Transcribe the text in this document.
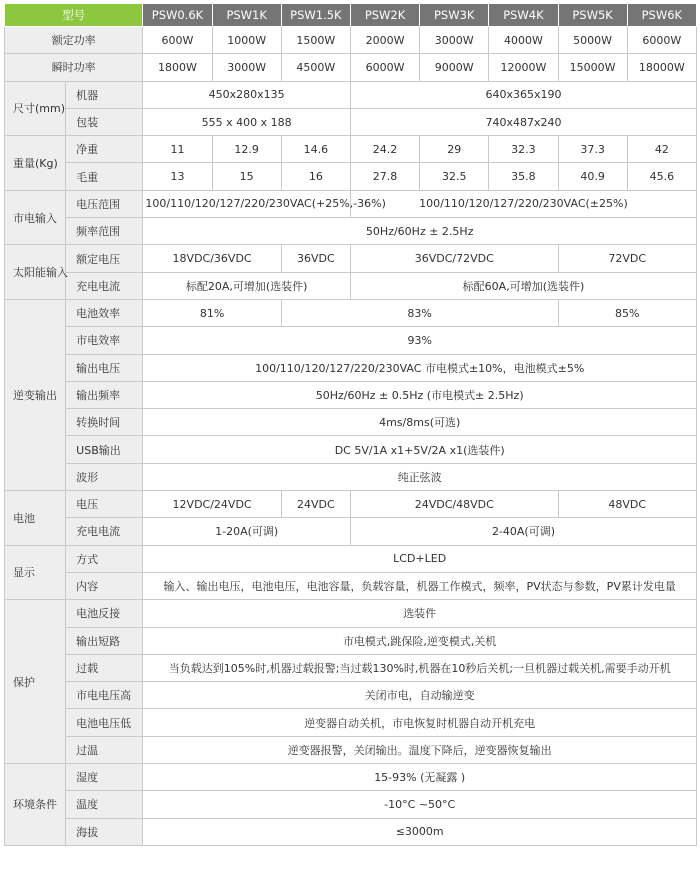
型号		PSW0.6K	PSW1K	PSW1.5K	PSW2K	PSW3K	PSW4K	PSW5K	PSW6K
额定功率		600W	1000W	1500W	2000W	3000W	4000W	5000W	6000W
瞬时功率		1800W	3000W	4500W	6000W	9000W	12000W	15000W	18000W
尺寸(mm)	机器	450x280x135			640x365x190				
	包装	555 x 400 x 188			740x487x240				
重量(Kg)	净重	11	12.9	14.6	24.2	29	32.3	37.3	42
	毛重	13	15	16	27.8	32.5	35.8	40.9	45.6
市电输入	电压范围	100/110/120/127/220/230VAC(+25%,-36%)			100/110/120/127/220/230VAC(±25%)				
	频率范围	50Hz/60Hz ± 2.5Hz							
太阳能输入	额定电压	18VDC/36VDC		36VDC	36VDC/72VDC			72VDC	
	充电电流	标配20A,可增加(选装件)			标配60A,可增加(选装件)				
逆变输出	电池效率	81%		83%				85%	
	市电效率	93%							
	输出电压	100/110/120/127/220/230VAC 市电模式±10%，电池模式±5%							
	输出频率	50Hz/60Hz ± 0.5Hz (市电模式± 2.5Hz)							
	转换时间	4ms/8ms(可选)							
	USB输出	DC 5V/1A x1+5V/2A x1(选装件)							
	波形	纯正弦波							
电池	电压	12VDC/24VDC		24VDC	24VDC/48VDC			48VDC	
	充电电流	1-20A(可调)			2-40A(可调)				
显示	方式	LCD+LED							
	内容	输入、输出电压，电池电压，电池容量，负载容量，机器工作模式，频率，PV状态与参数，PV累计发电量							
保护	电池反接	选装件							
	输出短路	市电模式,跳保险,逆变模式,关机							
	过载	当负载达到105%时,机器过载报警;当过载130%时,机器在10秒后关机;一旦机器过载关机,需要手动开机							
	市电电压高	关闭市电，自动输逆变							
	电池电压低	逆变器自动关机，市电恢复时机器自动开机充电							
	过温	逆变器报警，关闭输出。温度下降后，逆变器恢复输出							
环境条件	湿度	15-93% (无凝露 )							
	温度	-10°C ~50°C							
	海拔	≤3000m							
